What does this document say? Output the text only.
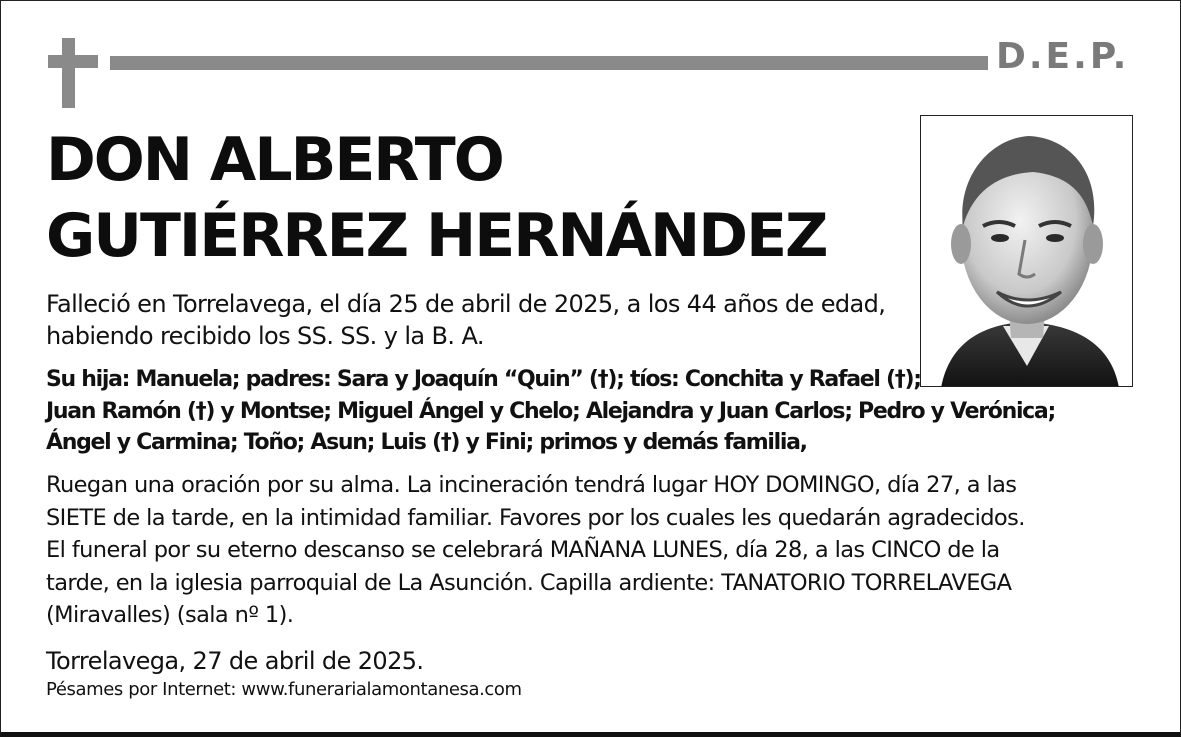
D.E.P.
DON ALBERTO
GUTIÉRREZ HERNÁNDEZ

Falleció en Torrelavega, el día 25 de abril de 2025, a los 44 años de edad,
habiendo recibido los SS. SS. y la B. A.

Su hija: Manuela; padres: Sara y Joaquín “Quin” (†); tíos: Conchita y Rafael (†);
Juan Ramón (†) y Montse; Miguel Ángel y Chelo; Alejandra y Juan Carlos; Pedro y Verónica;
Ángel y Carmina; Toño; Asun; Luis (†) y Fini; primos y demás familia,

Ruegan una oración por su alma. La incineración tendrá lugar HOY DOMINGO, día 27, a las
SIETE de la tarde, en la intimidad familiar. Favores por los cuales les quedarán agradecidos.
El funeral por su eterno descanso se celebrará MAÑANA LUNES, día 28, a las CINCO de la
tarde, en la iglesia parroquial de La Asunción. Capilla ardiente: TANATORIO TORRELAVEGA
(Miravalles) (sala nº 1).

Torrelavega, 27 de abril de 2025.

Pésames por Internet: www.funerarialamontanesa.com
